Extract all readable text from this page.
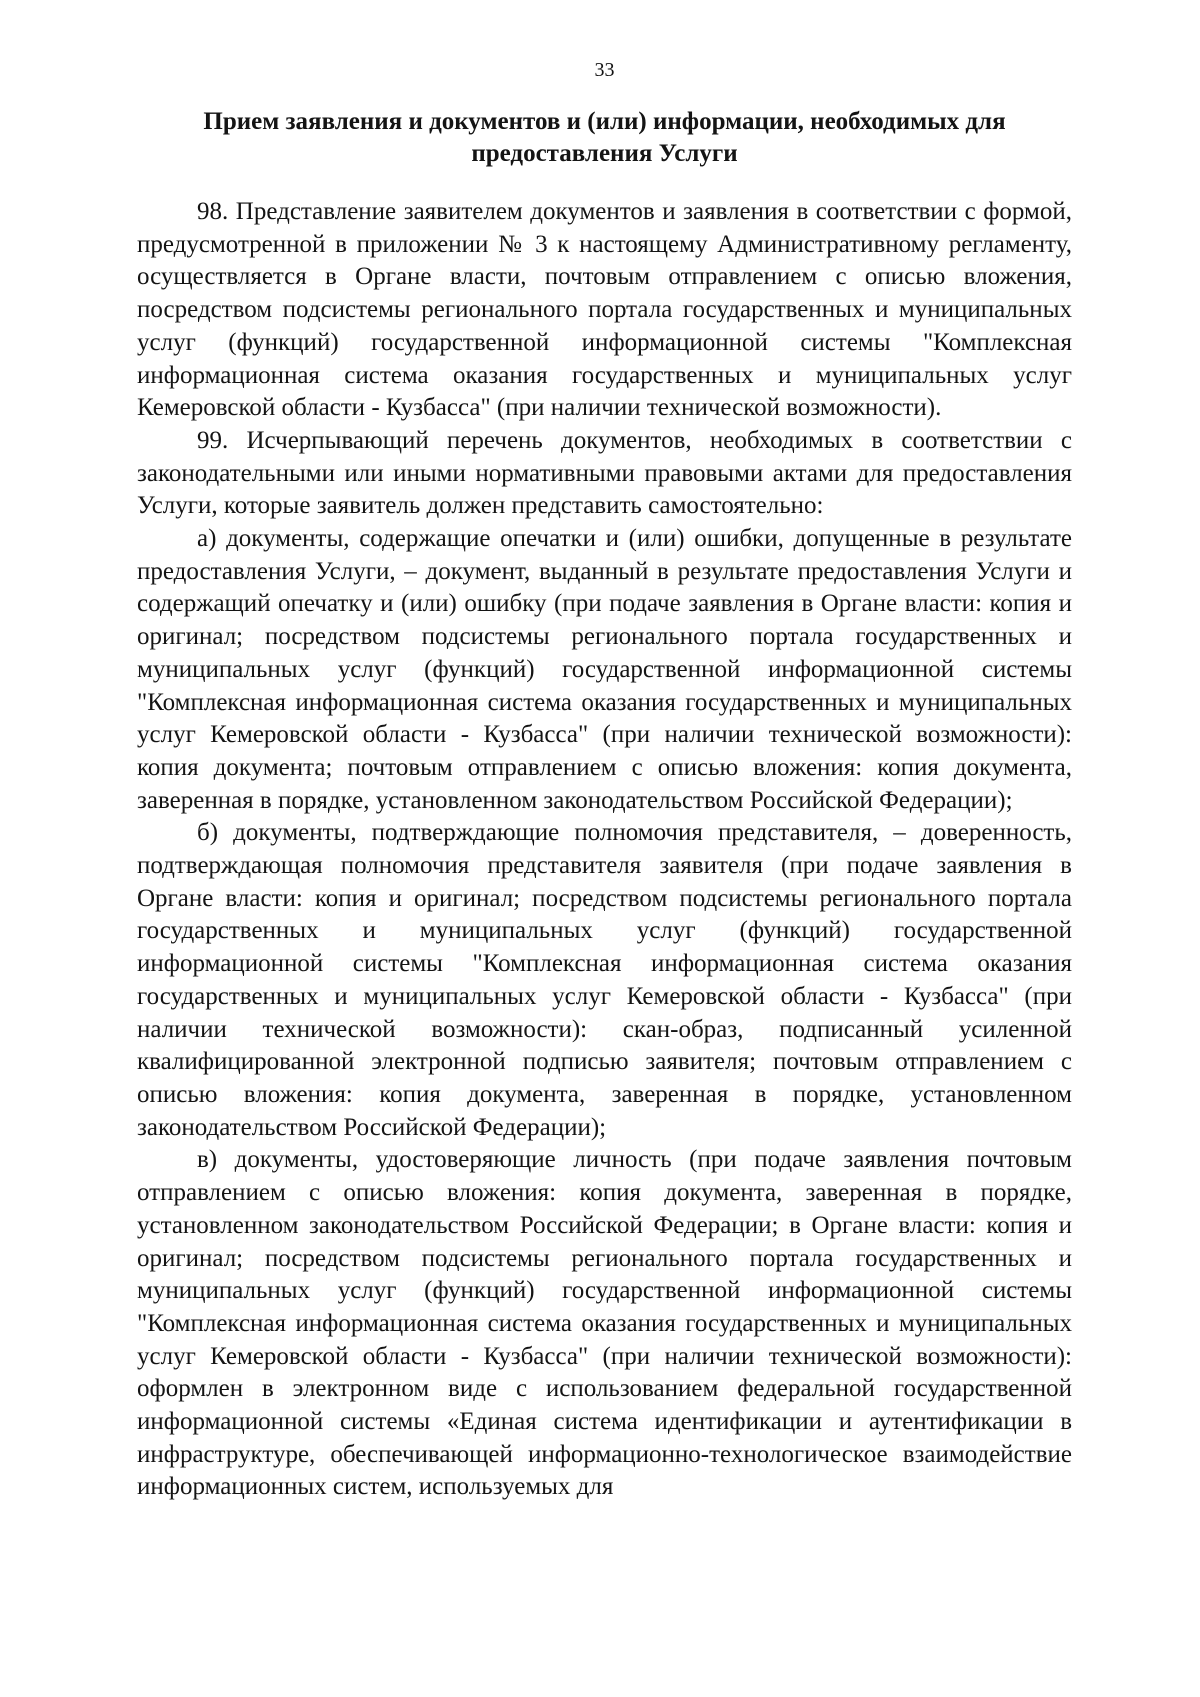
33
Прием заявления и документов и (или) информации, необходимых для
предоставления Услуги

98. Представление заявителем документов и заявления в соответствии с формой, предусмотренной в приложении № 3 к настоящему Административному регламенту, осуществляется в Органе власти, почтовым отправлением с описью вложения, посредством подсистемы регионального портала государственных и муниципальных услуг (функций) государственной информационной системы "Комплексная информационная система оказания государственных и муниципальных услуг Кемеровской области - Кузбасса" (при наличии технической возможности).

99. Исчерпывающий перечень документов, необходимых в соответствии с законодательными или иными нормативными правовыми актами для предоставления Услуги, которые заявитель должен представить самостоятельно:

а) документы, содержащие опечатки и (или) ошибки, допущенные в результате предоставления Услуги, – документ, выданный в результате предоставления Услуги и содержащий опечатку и (или) ошибку (при подаче заявления в Органе власти: копия и оригинал; посредством подсистемы регионального портала государственных и муниципальных услуг (функций) государственной информационной системы "Комплексная информационная система оказания государственных и муниципальных услуг Кемеровской области - Кузбасса" (при наличии технической возможности): копия документа; почтовым отправлением с описью вложения: копия документа, заверенная в порядке, установленном законодательством Российской Федерации);

б) документы, подтверждающие полномочия представителя, – доверенность, подтверждающая полномочия представителя заявителя (при подаче заявления в Органе власти: копия и оригинал; посредством подсистемы регионального портала государственных и муниципальных услуг (функций) государственной информационной системы "Комплексная информационная система оказания государственных и муниципальных услуг Кемеровской области - Кузбасса" (при наличии технической возможности): скан-образ, подписанный усиленной квалифицированной электронной подписью заявителя; почтовым отправлением с описью вложения: копия документа, заверенная в порядке, установленном законодательством Российской Федерации);

в) документы, удостоверяющие личность (при подаче заявления почтовым отправлением с описью вложения: копия документа, заверенная в порядке, установленном законодательством Российской Федерации; в Органе власти: копия и оригинал; посредством подсистемы регионального портала государственных и муниципальных услуг (функций) государственной информационной системы "Комплексная информационная система оказания государственных и муниципальных услуг Кемеровской области - Кузбасса" (при наличии технической возможности): оформлен в электронном виде с использованием федеральной государственной информационной системы «Единая система идентификации и аутентификации в инфраструктуре, обеспечивающей информационно-технологическое взаимодействие информационных систем, используемых для
